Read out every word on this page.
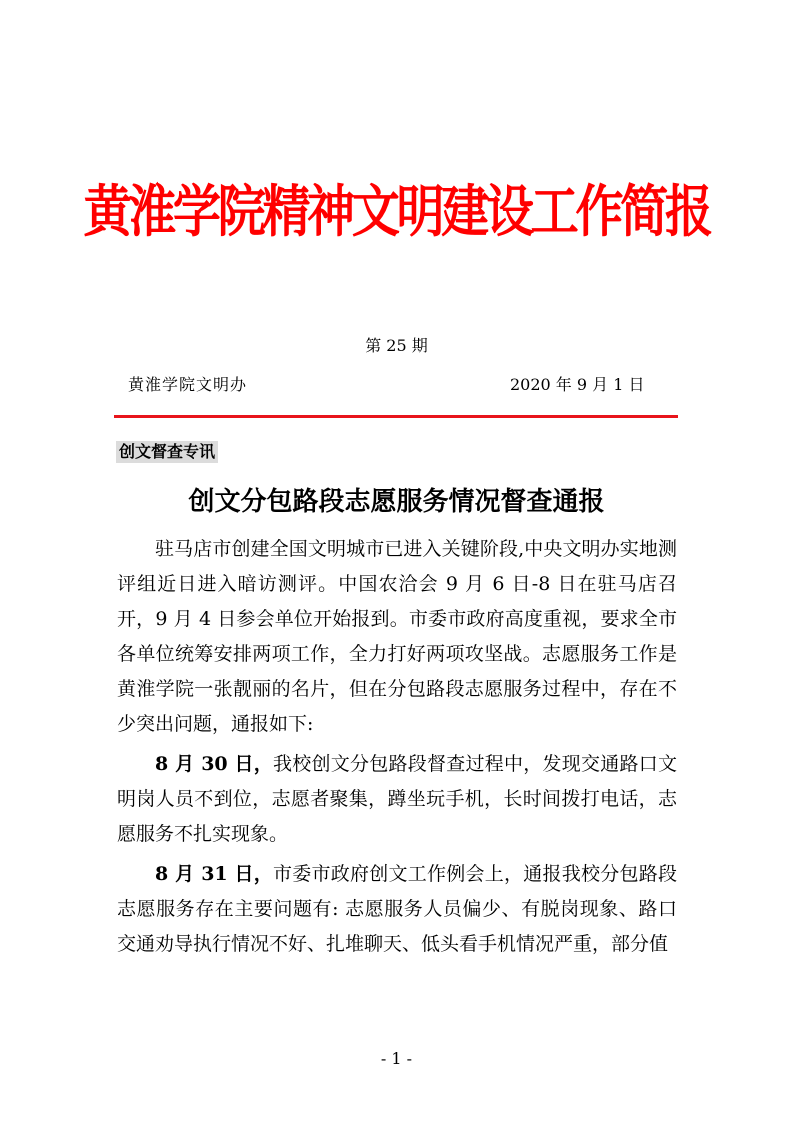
黄淮学院精神文明建设工作简报
第 25 期
黄淮学院文明办	2020 年 9 月 1 日
创文督查专讯
创文分包路段志愿服务情况督查通报

驻马店市创建全国文明城市已进入关键阶段,中央文明办实地测评组近日进入暗访测评。中国农洽会 9 月 6 日-8 日在驻马店召开，9 月 4 日参会单位开始报到。市委市政府高度重视，要求全市各单位统筹安排两项工作，全力打好两项攻坚战。志愿服务工作是黄淮学院一张靓丽的名片，但在分包路段志愿服务过程中，存在不少突出问题，通报如下:

8 月 30 日，我校创文分包路段督查过程中，发现交通路口文明岗人员不到位，志愿者聚集，蹲坐玩手机，长时间拨打电话，志愿服务不扎实现象。

8 月 31 日，市委市政府创文工作例会上，通报我校分包路段志愿服务存在主要问题有: 志愿服务人员偏少、有脱岗现象、路口交通劝导执行情况不好、扎堆聊天、低头看手机情况严重，部分值

- 1 -
